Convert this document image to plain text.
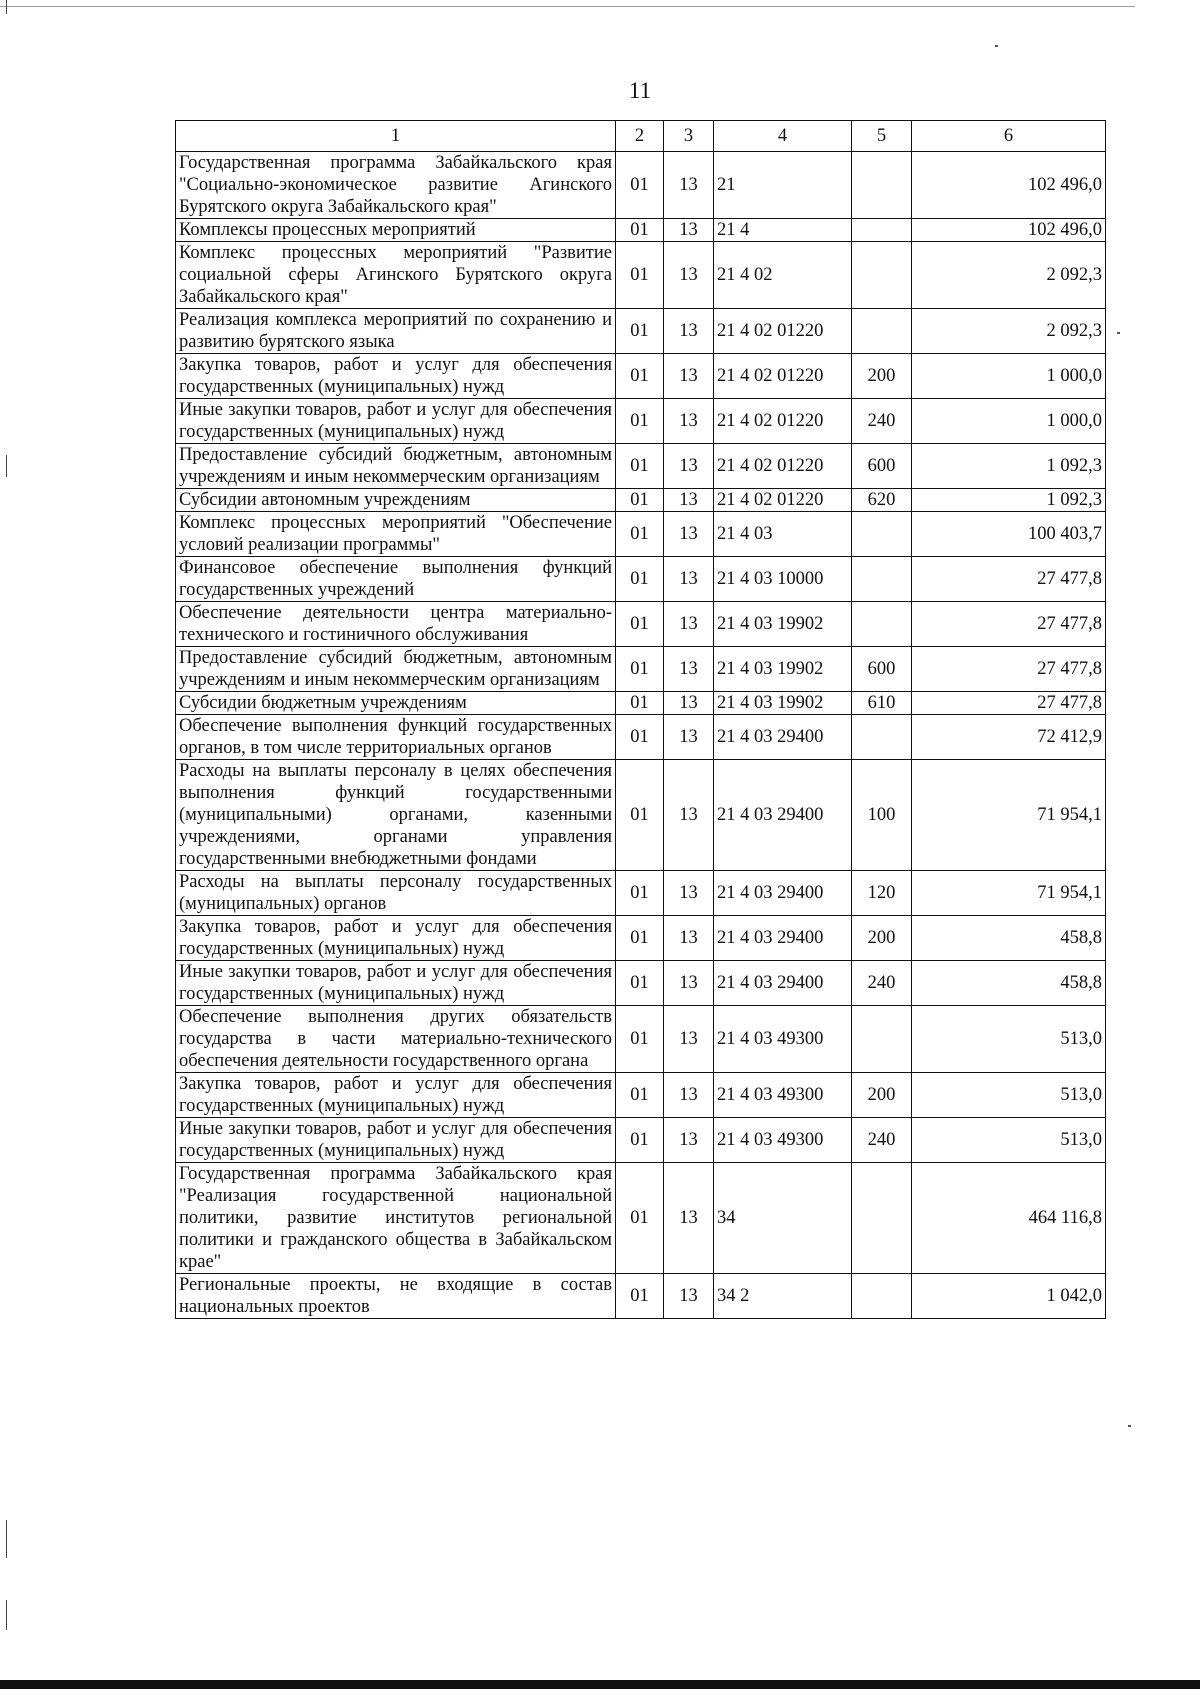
11
1	2	3	4	5	6
Государственная программа Забайкальского края "Социально-экономическое развитие Агинского Бурятского округа Забайкальского края"	01	13	21		102 496,0
Комплексы процессных мероприятий	01	13	21 4		102 496,0
Комплекс процессных мероприятий "Развитие социальной сферы Агинского Бурятского округа Забайкальского края"	01	13	21 4 02		2 092,3
Реализация комплекса мероприятий по сохранению и развитию бурятского языка	01	13	21 4 02 01220		2 092,3
Закупка товаров, работ и услуг для обеспечения государственных (муниципальных) нужд	01	13	21 4 02 01220	200	1 000,0
Иные закупки товаров, работ и услуг для обеспечения государственных (муниципальных) нужд	01	13	21 4 02 01220	240	1 000,0
Предоставление субсидий бюджетным, автономным учреждениям и иным некоммерческим организациям	01	13	21 4 02 01220	600	1 092,3
Субсидии автономным учреждениям	01	13	21 4 02 01220	620	1 092,3
Комплекс процессных мероприятий "Обеспечение условий реализации программы"	01	13	21 4 03		100 403,7
Финансовое обеспечение выполнения функций государственных учреждений	01	13	21 4 03 10000		27 477,8
Обеспечение деятельности центра материально-технического и гостиничного обслуживания	01	13	21 4 03 19902		27 477,8
Предоставление субсидий бюджетным, автономным учреждениям и иным некоммерческим организациям	01	13	21 4 03 19902	600	27 477,8
Субсидии бюджетным учреждениям	01	13	21 4 03 19902	610	27 477,8
Обеспечение выполнения функций государственных органов, в том числе территориальных органов	01	13	21 4 03 29400		72 412,9
Расходы на выплаты персоналу в целях обеспечения выполнения функций государственными (муниципальными) органами, казенными учреждениями, органами управления государственными внебюджетными фондами	01	13	21 4 03 29400	100	71 954,1
Расходы на выплаты персоналу государственных (муниципальных) органов	01	13	21 4 03 29400	120	71 954,1
Закупка товаров, работ и услуг для обеспечения государственных (муниципальных) нужд	01	13	21 4 03 29400	200	458,8
Иные закупки товаров, работ и услуг для обеспечения государственных (муниципальных) нужд	01	13	21 4 03 29400	240	458,8
Обеспечение выполнения других обязательств государства в части материально-технического обеспечения деятельности государственного органа	01	13	21 4 03 49300		513,0
Закупка товаров, работ и услуг для обеспечения государственных (муниципальных) нужд	01	13	21 4 03 49300	200	513,0
Иные закупки товаров, работ и услуг для обеспечения государственных (муниципальных) нужд	01	13	21 4 03 49300	240	513,0
Государственная программа Забайкальского края "Реализация государственной национальной политики, развитие институтов региональной политики и гражданского общества в Забайкальском крае"	01	13	34		464 116,8
Региональные проекты, не входящие в состав национальных проектов	01	13	34 2		1 042,0
